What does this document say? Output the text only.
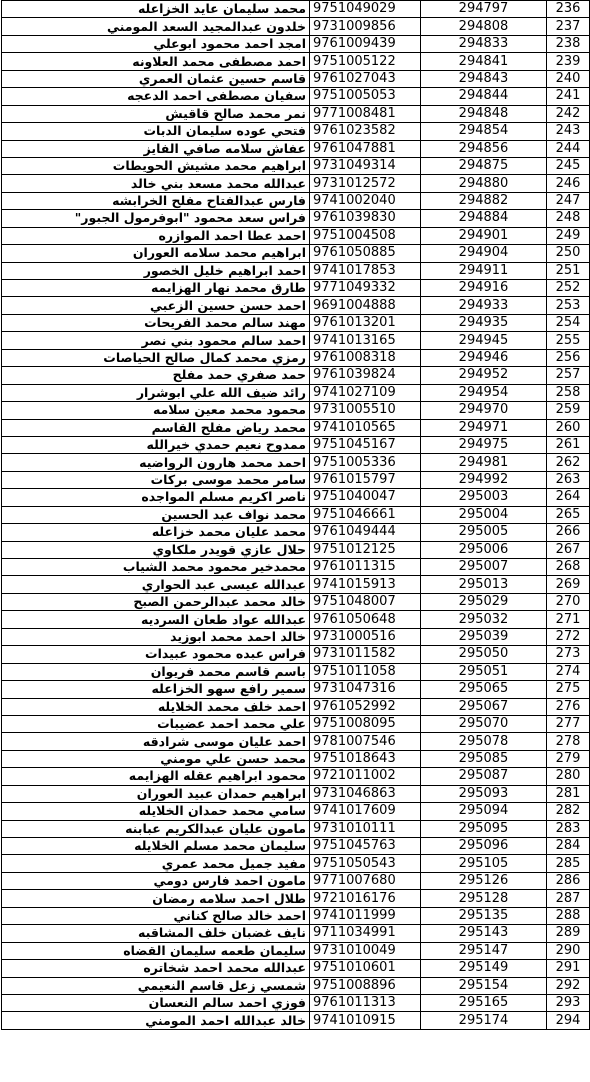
محمد سليمان عايد الخزاعله	9751049029	294797	236
خلدون عبدالمجيد السعد المومني	9731009856	294808	237
امجد احمد محمود ابوعلي	9761009439	294833	238
احمد مصطفى محمد العلاونه	9751005122	294841	239
قاسم حسين عثمان العمري	9761027043	294843	240
سفيان مصطفى احمد الدعجه	9751005053	294844	241
نمر محمد صالح قاقيش	9771008481	294848	242
فتحي عوده سليمان الدبات	9761023582	294854	243
عفاش سلامه صافي الفايز	9761047881	294856	244
ابراهيم محمد مشيش الحويطات	9731049314	294875	245
عبدالله محمد مسعد بني خالد	9731012572	294880	246
فارس عبدالفتاح مفلح الخرابشه	9741002040	294882	247
فراس سعد محمود "ابوفرمول الجبور"	9761039830	294884	248
احمد عطا احمد الموازره	9751004508	294901	249
ابراهيم محمد سلامه العوران	9761050885	294904	250
احمد ابراهيم خليل الخصور	9741017853	294911	251
طارق محمد نهار الهزايمه	9771049332	294916	252
احمد حسن حسين الزعبي	9691004888	294933	253
مهند سالم محمد الفريحات	9761013201	294935	254
احمد سالم محمود بني نصر	9741013165	294945	255
رمزي محمد كمال صالح الحياصات	9761008318	294946	256
حمد صفري حمد مفلح	9761039824	294952	257
رائد ضيف الله علي ابوشرار	9741027109	294954	258
محمود محمد معين سلامه	9731005510	294970	259
محمد رياض مفلح القاسم	9741010565	294971	260
ممدوح نعيم حمدي خيرالله	9751045167	294975	261
احمد محمد هارون الرواضيه	9751005336	294981	262
سامر محمد موسى بركات	9761015797	294992	263
ناصر اكريم مسلم المواجده	9751040047	295003	264
محمد نواف عبد الحسين	9751046661	295004	265
محمد عليان محمد خزاعله	9761049444	295005	266
حلال عازي قويدر ملكاوي	9751012125	295006	267
محمدخير محمود محمد الشياب	9761011315	295007	268
عبدالله عيسى عبد الحواري	9741015913	295013	269
خالد محمد عبدالرحمن الصبح	9751048007	295029	270
عبدالله عواد طعان السرديه	9761050648	295032	271
خالد احمد محمد ابوزيد	9731000516	295039	272
فراس عبده محمود عبيدات	9731011582	295050	273
باسم قاسم محمد فريوان	9751011058	295051	274
سمير رافع سهو الخزاعله	9731047316	295065	275
احمد خلف محمد الخلايله	9761052992	295067	276
علي محمد احمد عضيبات	9751008095	295070	277
احمد عليان موسى شرادقه	9781007546	295078	278
محمد حسن علي مومني	9751018643	295085	279
محمود ابراهيم عقله الهزايمه	9721011002	295087	280
ابراهيم حمدان عبيد العوران	9731046863	295093	281
سامي محمد حمدان الخلايله	9741017609	295094	282
مامون عليان عبدالكريم عبابنه	9731010111	295095	283
سليمان محمد مسلم الخلايله	9751045763	295096	284
مفيد جميل محمد عمري	9751050543	295105	285
مامون احمد فارس دومي	9771007680	295126	286
طلال احمد سلامه رمضان	9721016176	295128	287
احمد خالد صالح كناني	9741011999	295135	288
نايف غضبان خلف المشاقبه	9711034991	295143	289
سليمان طعمه سليمان القضاه	9731010049	295147	290
عبدالله محمد احمد شخاتره	9751010601	295149	291
شمسي زعل قاسم النعيمي	9751008896	295154	292
فوزي احمد سالم النعسان	9761011313	295165	293
خالد عبدالله احمد المومني	9741010915	295174	294
